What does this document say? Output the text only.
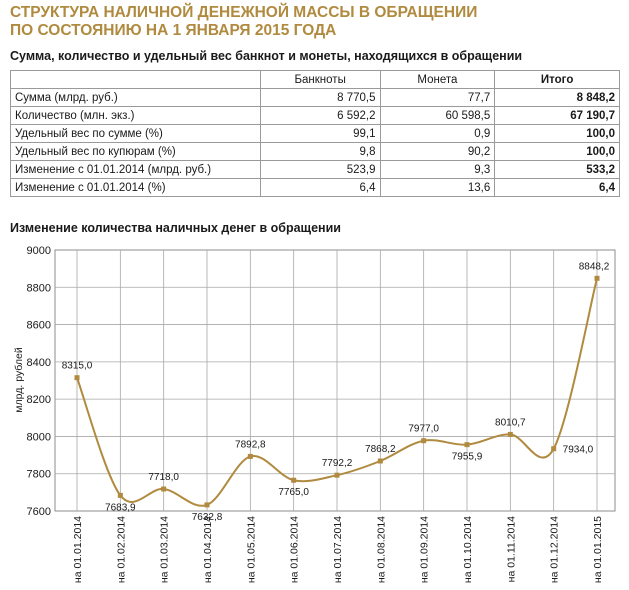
СТРУКТУРА НАЛИЧНОЙ ДЕНЕЖНОЙ МАССЫ В ОБРАЩЕНИИ
ПО СОСТОЯНИЮ НА 1 ЯНВАРЯ 2015 ГОДА
Сумма, количество и удельный вес банкнот и монеты, находящихся в обращении
	Банкноты	Монета	Итого
Сумма (млрд. руб.)	8 770,5	77,7	8 848,2
Количество (млн. экз.)	6 592,2	60 598,5	67 190,7
Удельный вес по сумме (%)	99,1	0,9	100,0
Удельный вес по купюрам (%)	9,8	90,2	100,0
Изменение с 01.01.2014 (млрд. руб.)	523,9	9,3	533,2
Изменение с 01.01.2014 (%)	6,4	13,6	6,4
Изменение количества наличных денег в обращении
7600
7800
8000
8200
8400
8600
8800
9000
на 01.01.2014	на 01.02.2014	на 01.03.2014	на 01.04.2014	на 01.05.2014	на 01.06.2014	на 01.07.2014	на 01.08.2014	на 01.09.2014	на 01.10.2014	на 01.11.2014	на 01.12.2014	на 01.01.2015
млрд. рублей	8315,0
7683,9
7718,0
7632,8
7892,8
7765,0
7792,2
7868,2
7977,0
7955,9
8010,7
7934,0
8848,2
